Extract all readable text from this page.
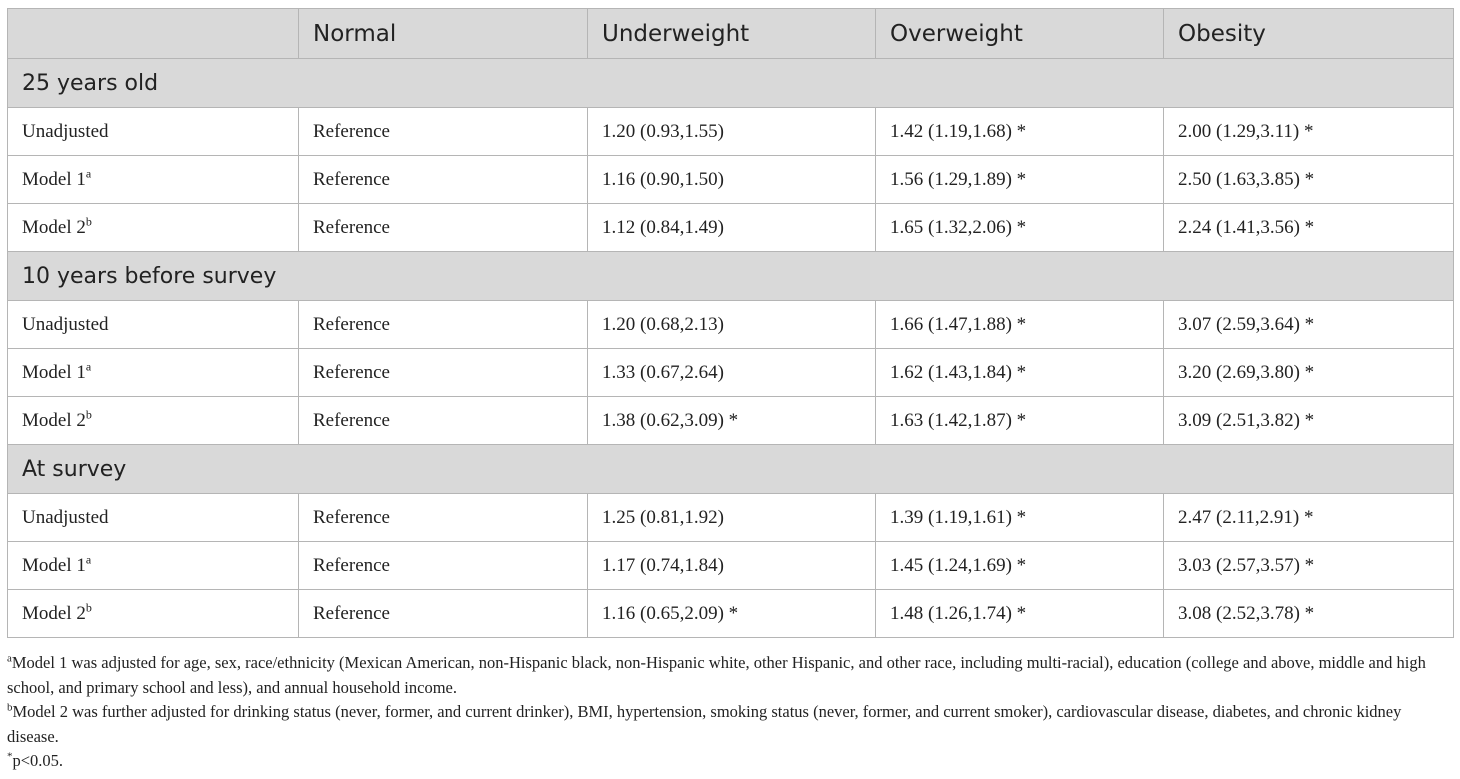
	Normal	Underweight	Overweight	Obesity
25 years old				
Unadjusted	Reference	1.20 (0.93,1.55)	1.42 (1.19,1.68) *	2.00 (1.29,3.11) *
Model 1$^a$	Reference	1.16 (0.90,1.50)	1.56 (1.29,1.89) *	2.50 (1.63,3.85) *
Model 2$^b$	Reference	1.12 (0.84,1.49)	1.65 (1.32,2.06) *	2.24 (1.41,3.56) *
10 years before survey				
Unadjusted	Reference	1.20 (0.68,2.13)	1.66 (1.47,1.88) *	3.07 (2.59,3.64) *
Model 1$^a$	Reference	1.33 (0.67,2.64)	1.62 (1.43,1.84) *	3.20 (2.69,3.80) *
Model 2$^b$	Reference	1.38 (0.62,3.09) *	1.63 (1.42,1.87) *	3.09 (2.51,3.82) *
At survey				
Unadjusted	Reference	1.25 (0.81,1.92)	1.39 (1.19,1.61) *	2.47 (2.11,2.91) *
Model 1$^a$	Reference	1.17 (0.74,1.84)	1.45 (1.24,1.69) *	3.03 (2.57,3.57) *
Model 2$^b$	Reference	1.16 (0.65,2.09) *	1.48 (1.26,1.74) *	3.08 (2.52,3.78) *

$^a$Model 1 was adjusted for age, sex, race/ethnicity (Mexican American, non-Hispanic black, non-Hispanic white, other Hispanic, and other race, including multi-racial), education (college and above, middle and high school, and primary school and less), and annual household income.

$^b$Model 2 was further adjusted for drinking status (never, former, and current drinker), BMI, hypertension, smoking status (never, former, and current smoker), cardiovascular disease, diabetes, and chronic kidney disease.

*p<0.05.
